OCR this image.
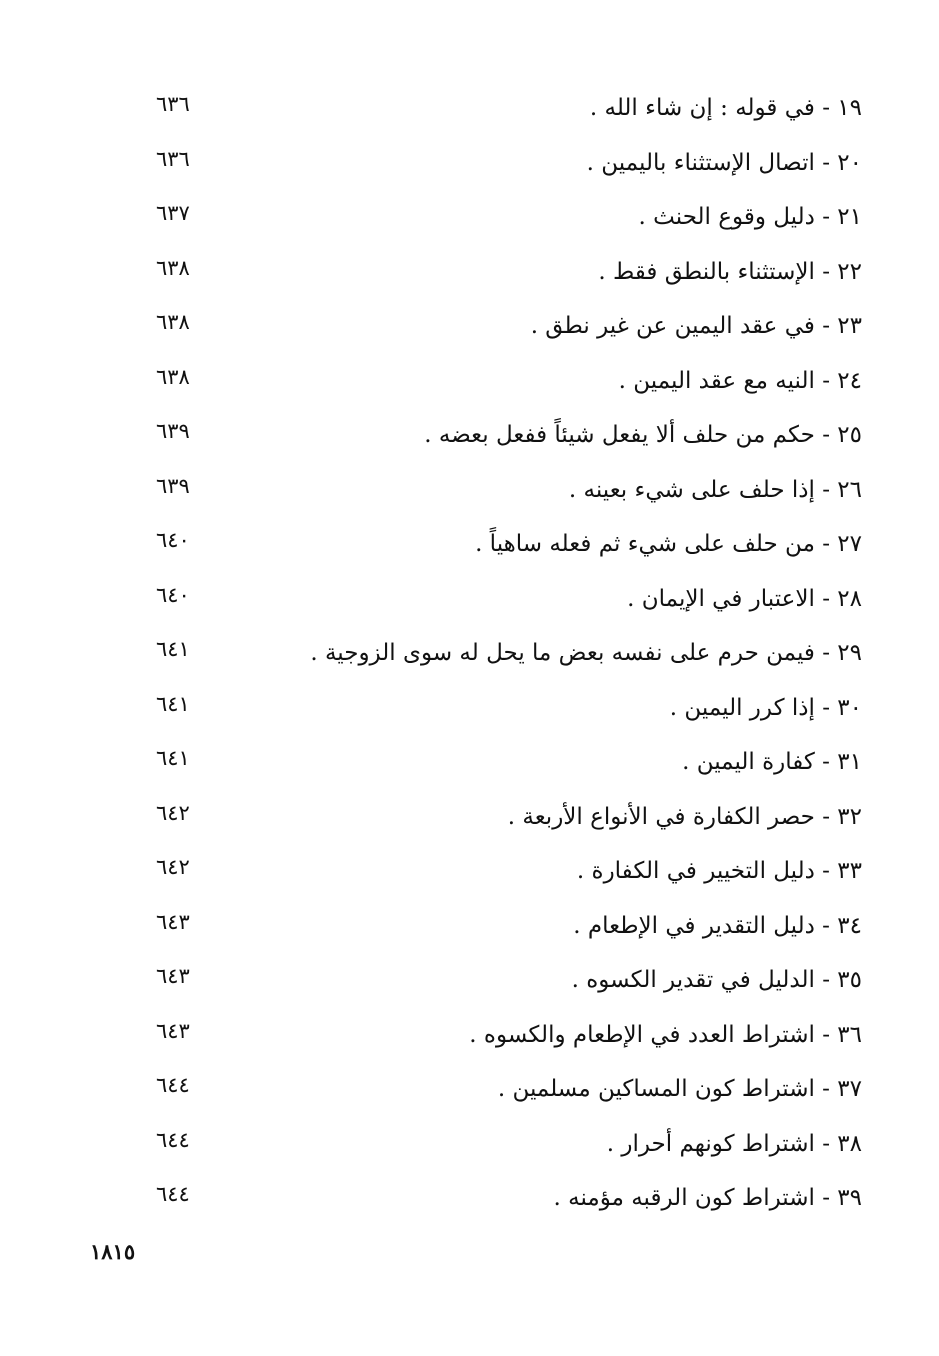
١٩ - في قوله : إن شاء الله .
٦٣٦
٢٠ - اتصال الإستثناء باليمين .
٦٣٦
٢١ - دليل وقوع الحنث .
٦٣٧
٢٢ - الإستثناء بالنطق فقط .
٦٣٨
٢٣ - في عقد اليمين عن غير نطق .
٦٣٨
٢٤ - النيه مع عقد اليمين .
٦٣٨
٢٥ - حكم من حلف ألا يفعل شيئاً ففعل بعضه .
٦٣٩
٢٦ - إذا حلف على شيء بعينه .
٦٣٩
٢٧ - من حلف على شيء ثم فعله ساهياً .
٦٤٠
٢٨ - الاعتبار في الإيمان .
٦٤٠
٢٩ - فيمن حرم على نفسه بعض ما يحل له سوى الزوجية .
٦٤١
٣٠ - إذا كرر اليمين .
٦٤١
٣١ - كفارة اليمين .
٦٤١
٣٢ - حصر الكفارة في الأنواع الأربعة .
٦٤٢
٣٣ - دليل التخيير في الكفارة .
٦٤٢
٣٤ - دليل التقدير في الإطعام .
٦٤٣
٣٥ - الدليل في تقدير الكسوه .
٦٤٣
٣٦ - اشتراط العدد في الإطعام والكسوه .
٦٤٣
٣٧ - اشتراط كون المساكين مسلمين .
٦٤٤
٣٨ - اشتراط كونهم أحرار .
٦٤٤
٣٩ - اشتراط كون الرقبه مؤمنه .
٦٤٤
١٨١٥
